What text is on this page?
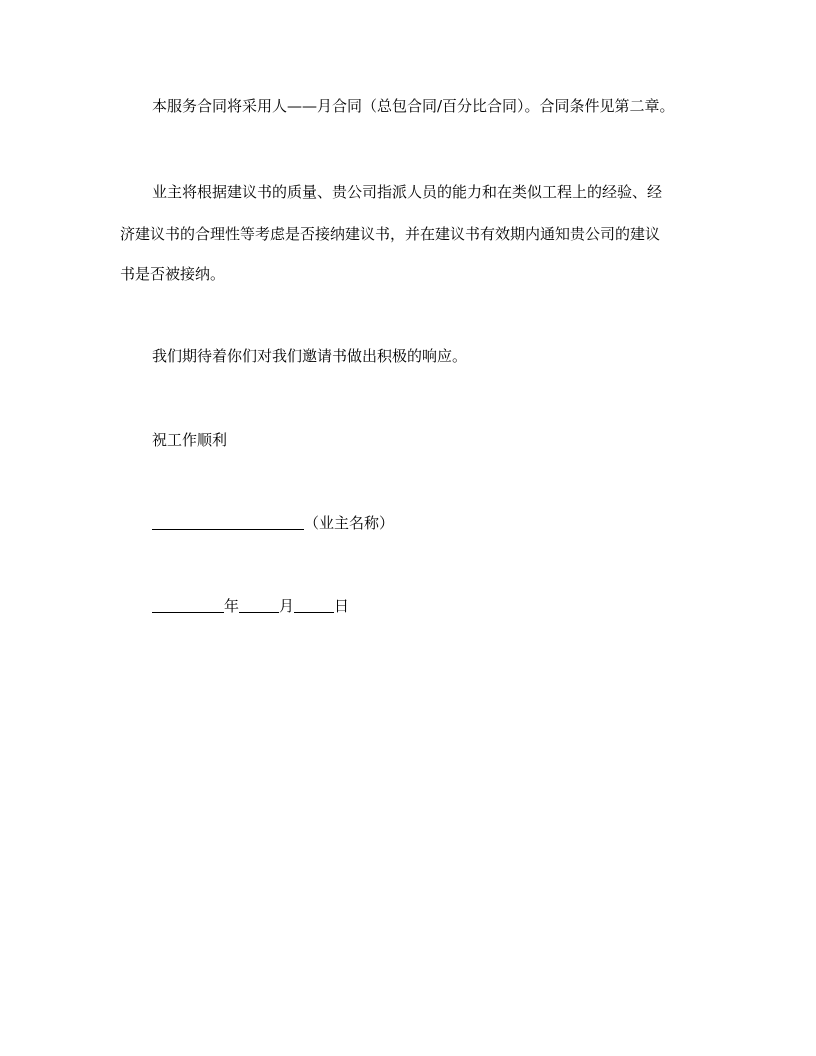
本服务合同将采用人——月合同（总包合同/百分比合同）。合同条件见第二章。
业主将根据建议书的质量、贵公司指派人员的能力和在类似工程上的经验、经
济建议书的合理性等考虑是否接纳建议书，并在建议书有效期内通知贵公司的建议
书是否被接纳。
我们期待着你们对我们邀请书做出积极的响应。
祝工作顺利
（业主名称）
年	月	日
